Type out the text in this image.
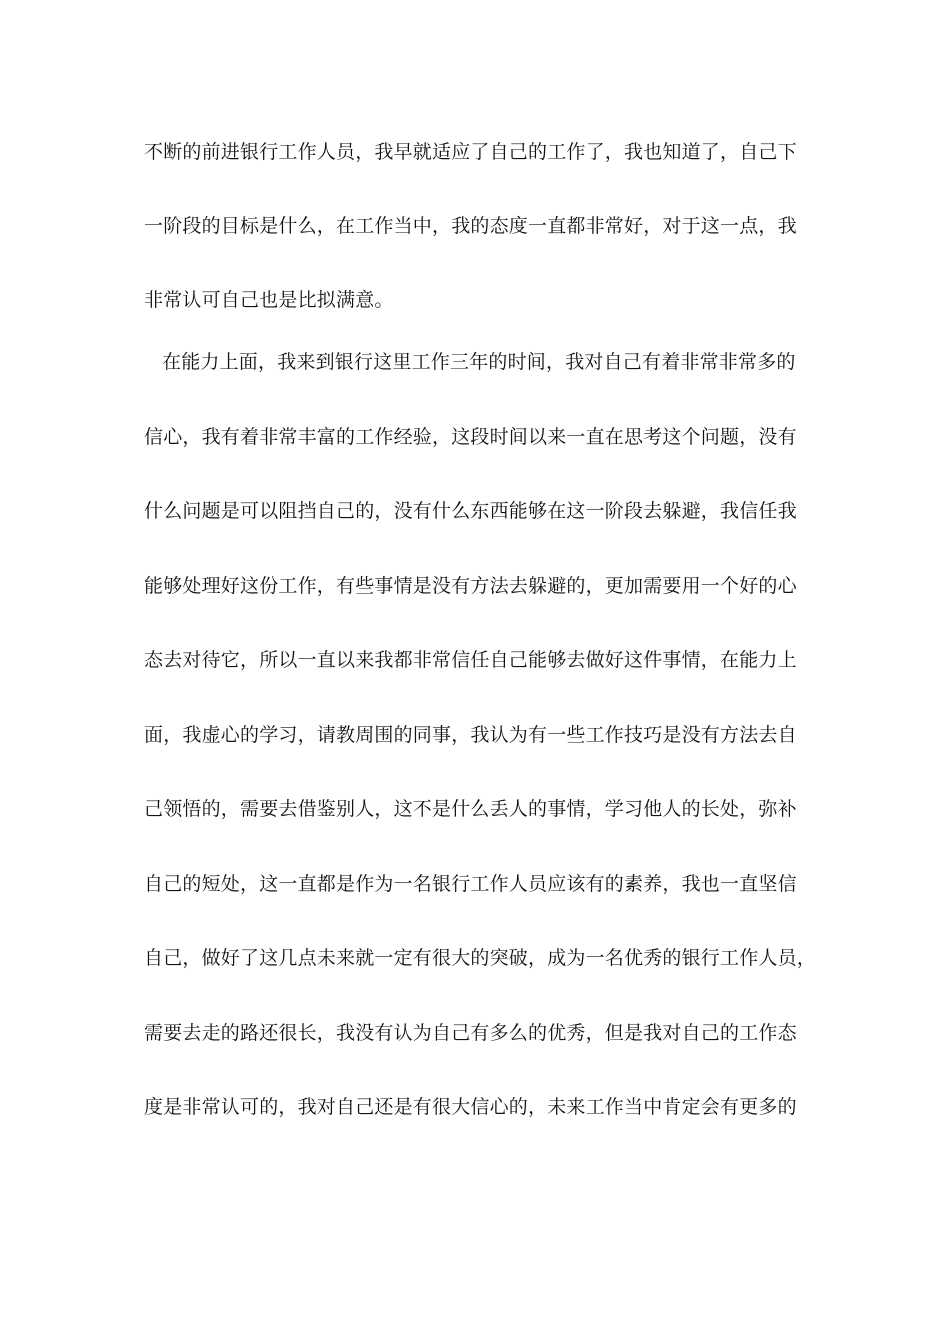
不断的前进银行工作人员，我早就适应了自己的工作了，我也知道了，自己下
一阶段的目标是什么，在工作当中，我的态度一直都非常好，对于这一点，我
非常认可自己也是比拟满意。
在能力上面，我来到银行这里工作三年的时间，我对自己有着非常非常多的
信心，我有着非常丰富的工作经验，这段时间以来一直在思考这个问题，没有
什么问题是可以阻挡自己的，没有什么东西能够在这一阶段去躲避，我信任我
能够处理好这份工作，有些事情是没有方法去躲避的，更加需要用一个好的心
态去对待它，所以一直以来我都非常信任自己能够去做好这件事情，在能力上
面，我虚心的学习，请教周围的同事，我认为有一些工作技巧是没有方法去自
己领悟的，需要去借鉴别人，这不是什么丢人的事情，学习他人的长处，弥补
自己的短处，这一直都是作为一名银行工作人员应该有的素养，我也一直坚信
自己，做好了这几点未来就一定有很大的突破，成为一名优秀的银行工作人员，
需要去走的路还很长，我没有认为自己有多么的优秀，但是我对自己的工作态
度是非常认可的，我对自己还是有很大信心的，未来工作当中肯定会有更多的
